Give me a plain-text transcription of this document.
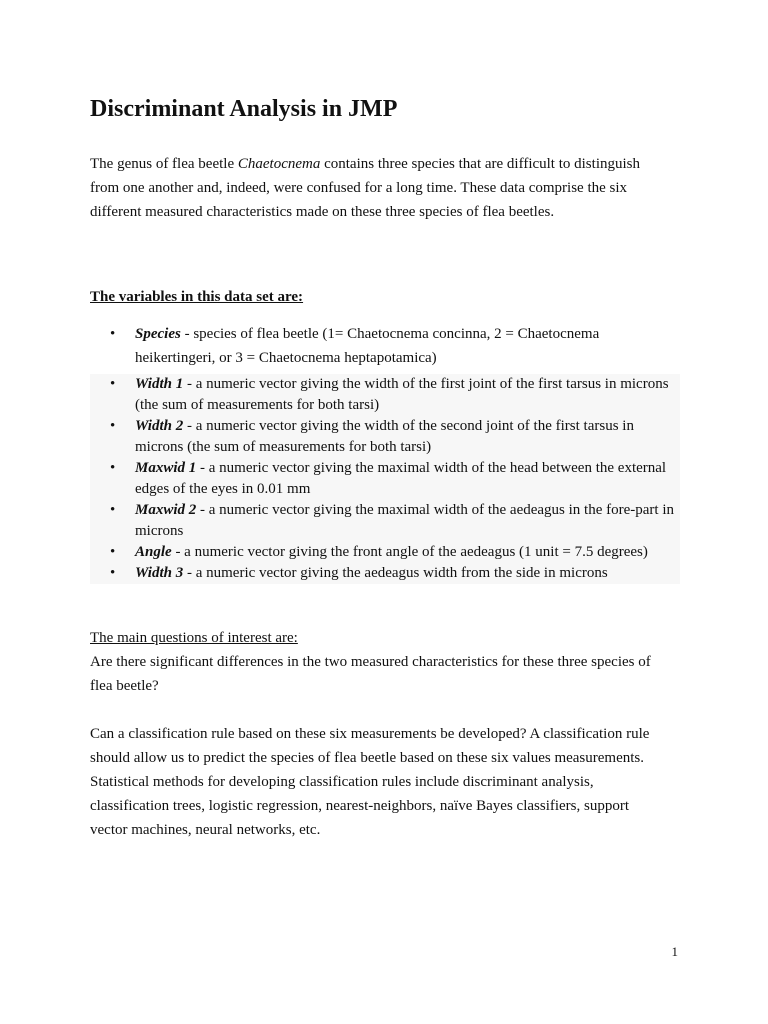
Discriminant Analysis in JMP

The genus of flea beetle Chaetocnema contains three species that are difficult to distinguish from one another and, indeed, were confused for a long time. These data comprise the six different measured characteristics made on these three species of flea beetles.

The variables in this data set are:

• Species - species of flea beetle (1= Chaetocnema concinna, 2 = Chaetocnema heikertingeri, or 3 = Chaetocnema heptapotamica)
• Width 1 - a numeric vector giving the width of the first joint of the first tarsus in microns (the sum of measurements for both tarsi)
• Width 2 - a numeric vector giving the width of the second joint of the first tarsus in microns (the sum of measurements for both tarsi)
• Maxwid 1 - a numeric vector giving the maximal width of the head between the external edges of the eyes in 0.01 mm
• Maxwid 2 - a numeric vector giving the maximal width of the aedeagus in the fore-part in microns
• Angle - a numeric vector giving the front angle of the aedeagus (1 unit = 7.5 degrees)
• Width 3 - a numeric vector giving the aedeagus width from the side in microns

The main questions of interest are:

Are there significant differences in the two measured characteristics for these three species of flea beetle?

Can a classification rule based on these six measurements be developed? A classification rule should allow us to predict the species of flea beetle based on these six values measurements. Statistical methods for developing classification rules include discriminant analysis, classification trees, logistic regression, nearest-neighbors, naïve Bayes classifiers, support vector machines, neural networks, etc.

1
